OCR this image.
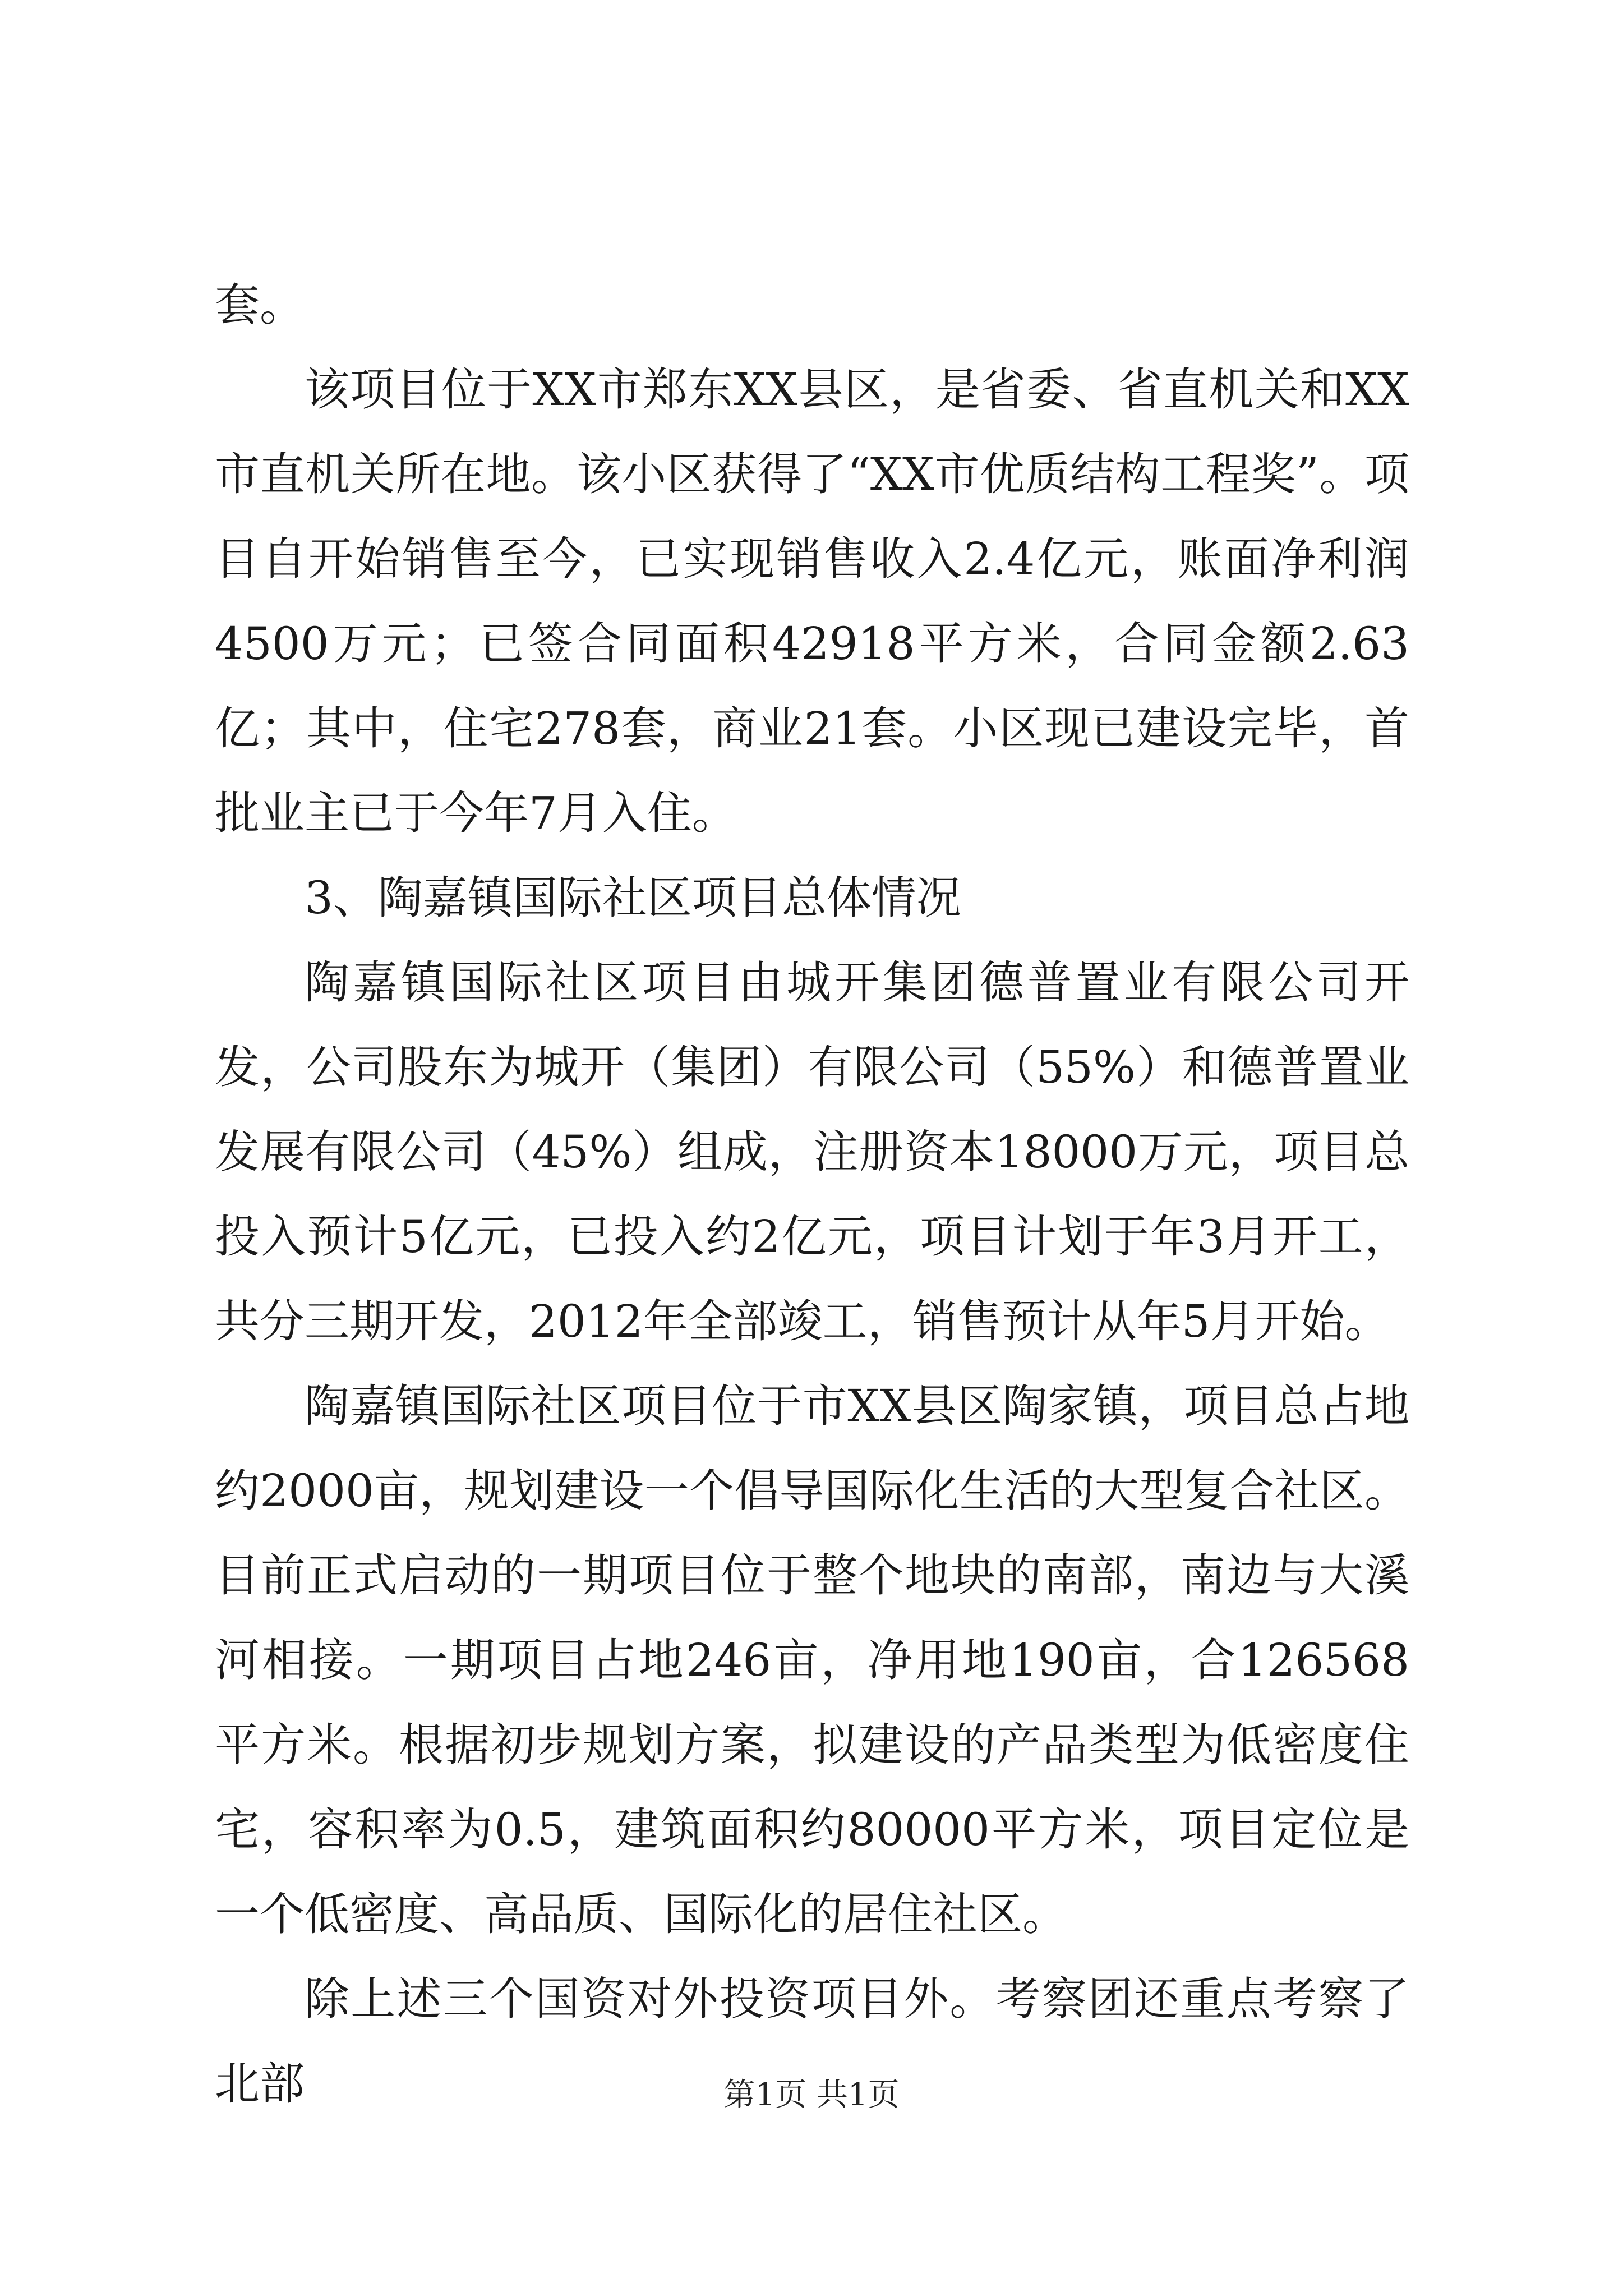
套。

该项目位于XX市郑东XX县区，是省委、省直机关和XX市直机关所在地。该小区获得了“XX市优质结构工程奖”。项目自开始销售至今，已实现销售收入2.4亿元，账面净利润4500万元；已签合同面积42918平方米，合同金额2.63亿；其中，住宅278套，商业21套。小区现已建设完毕，首批业主已于今年7月入住。

3、陶嘉镇国际社区项目总体情况

陶嘉镇国际社区项目由城开集团德普置业有限公司开发，公司股东为城开（集团）有限公司（55%）和德普置业发展有限公司（45%）组成，注册资本18000万元，项目总投入预计5亿元，已投入约2亿元，项目计划于年3月开工，共分三期开发，2012年全部竣工，销售预计从年5月开始。

陶嘉镇国际社区项目位于市XX县区陶家镇，项目总占地约2000亩，规划建设一个倡导国际化生活的大型复合社区。目前正式启动的一期项目位于整个地块的南部，南边与大溪河相接。一期项目占地246亩，净用地190亩，合126568平方米。根据初步规划方案，拟建设的产品类型为低密度住宅，容积率为0.5，建筑面积约80000平方米，项目定位是一个低密度、高品质、国际化的居住社区。

除上述三个国资对外投资项目外。考察团还重点考察了北部	第1页 共1页
